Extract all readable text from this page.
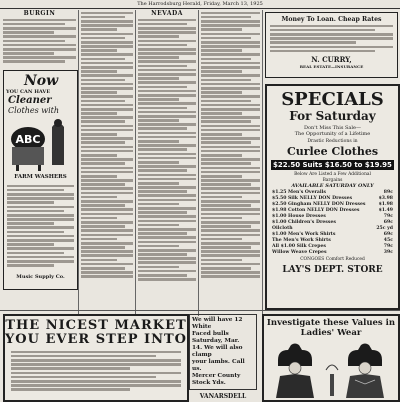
The Harrodsburg Herald, Friday, March 13, 1925
BURGIN
Now
YOU CAN HAVE
Cleaner
Clothes with
ABC
FARM WASHERS
Music Supply Co.
NEVADA
Money To Loan. Cheap Rates
N. CURRY,
REAL ESTATE—INSURANCE
SPECIALS
For Saturday
Don't Miss This Sale—
The Opportunity of a Lifetime
Drastic Reductions in
Curlee Clothes
$22.50 Suits $16.50 to $19.95
Below Are Listed a Few Additional
Bargains
AVAILABLE SATURDAY ONLY
$1.25 Men's Overalls	89c
$5.50 Silk NELLY DON Dresses	$3.98
$2.50 Gingham NELLY DON Dresses	$1.98
$1.98 Cotton NELLY DON Dresses	$1.49
$1.00 House Dresses	79c
$1.00 Children's Dresses	69c
Oilcloth	25c yd
$1.00 Men's Work Shirts	69c
The Men's Work Shirts	45c
All $1.00 Silk Crepes	79c
Willow Weave Crepes	39c
CONGOES Comfort Reduced
LAY'S DEPT. STORE
THE NICEST MARKET
YOU EVER STEP INTO
We will have 12 White
Faced bulls Saturday, Mar.
14. We will also clamp
your lambs. Call us.
Mercer County Stock Yds.
VANARSDELL
Investigate these Values in Ladies' Wear
